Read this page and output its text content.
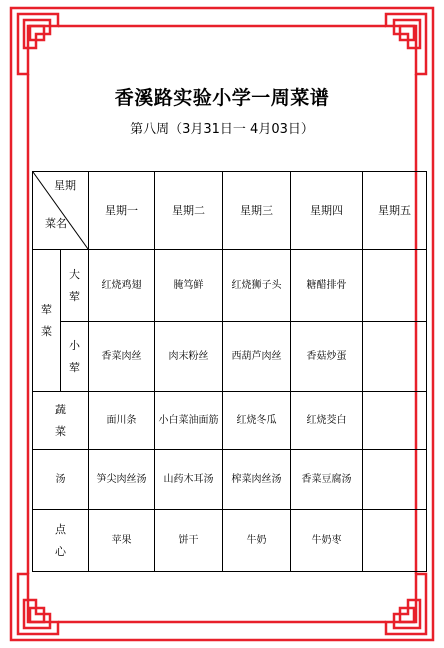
香溪路实验小学一周菜谱
第八周（3月31日一 4月03日）
星期
菜名		星期一	星期二	星期三	星期四	星期五
荤菜	大荤	红烧鸡翅	腌笃鲜	红烧狮子头	糖醋排骨	
	小荤	香菜肉丝	肉末粉丝	西葫芦肉丝	香菇炒蛋	
蔬菜		面川条	小白菜油面筋	红烧冬瓜	红烧茭白	
汤		笋尖肉丝汤	山药木耳汤	榨菜肉丝汤	香菜豆腐汤	
点心		苹果	饼干	牛奶	牛奶枣	
